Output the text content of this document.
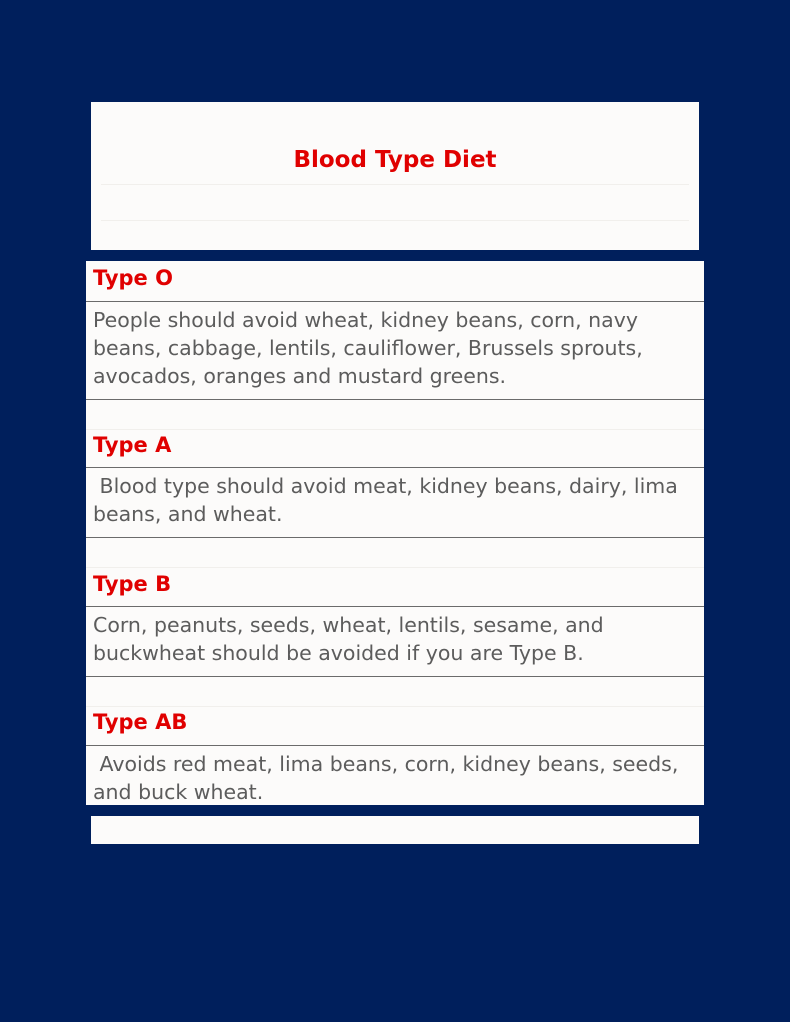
Blood Type Diet
Type O
People should avoid wheat, kidney beans, corn, navy beans, cabbage, lentils, cauliflower, Brussels sprouts, avocados, oranges and mustard greens.
Type A
Blood type should avoid meat, kidney beans, dairy, lima beans, and wheat.
Type B
Corn, peanuts, seeds, wheat, lentils, sesame, and buckwheat should be avoided if you are Type B.
Type AB
Avoids red meat, lima beans, corn, kidney beans, seeds, and buck wheat.
